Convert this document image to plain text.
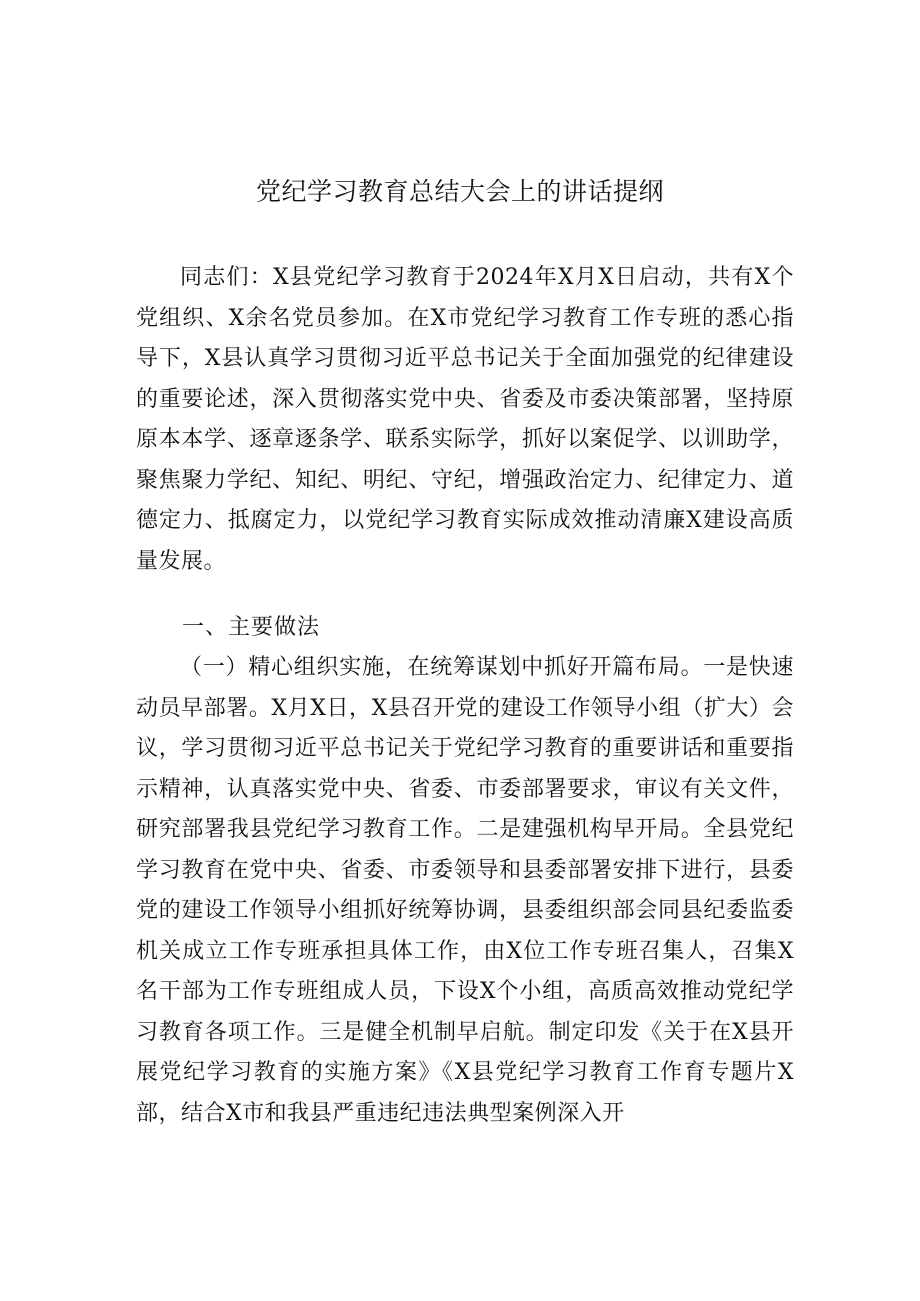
党纪学习教育总结大会上的讲话提纲

同志们：X县党纪学习教育于2024年X月X日启动，共有X个党组织、X余名党员参加。在X市党纪学习教育工作专班的悉心指导下，X县认真学习贯彻习近平总书记关于全面加强党的纪律建设的重要论述，深入贯彻落实党中央、省委及市委决策部署，坚持原原本本学、逐章逐条学、联系实际学，抓好以案促学、以训助学，聚焦聚力学纪、知纪、明纪、守纪，增强政治定力、纪律定力、道德定力、抵腐定力，以党纪学习教育实际成效推动清廉X建设高质量发展。

一、主要做法

（一）精心组织实施，在统筹谋划中抓好开篇布局。一是快速动员早部署。X月X日，X县召开党的建设工作领导小组（扩大）会议，学习贯彻习近平总书记关于党纪学习教育的重要讲话和重要指示精神，认真落实党中央、省委、市委部署要求，审议有关文件，研究部署我县党纪学习教育工作。二是建强机构早开局。全县党纪学习教育在党中央、省委、市委领导和县委部署安排下进行，县委党的建设工作领导小组抓好统筹协调，县委组织部会同县纪委监委机关成立工作专班承担具体工作，由X位工作专班召集人，召集X名干部为工作专班组成人员，下设X个小组，高质高效推动党纪学习教育各项工作。三是健全机制早启航。制定印发《关于在X县开展党纪学习教育的实施方案》《X县党纪学习教育工作育专题片X部，结合X市和我县严重违纪违法典型案例深入开
